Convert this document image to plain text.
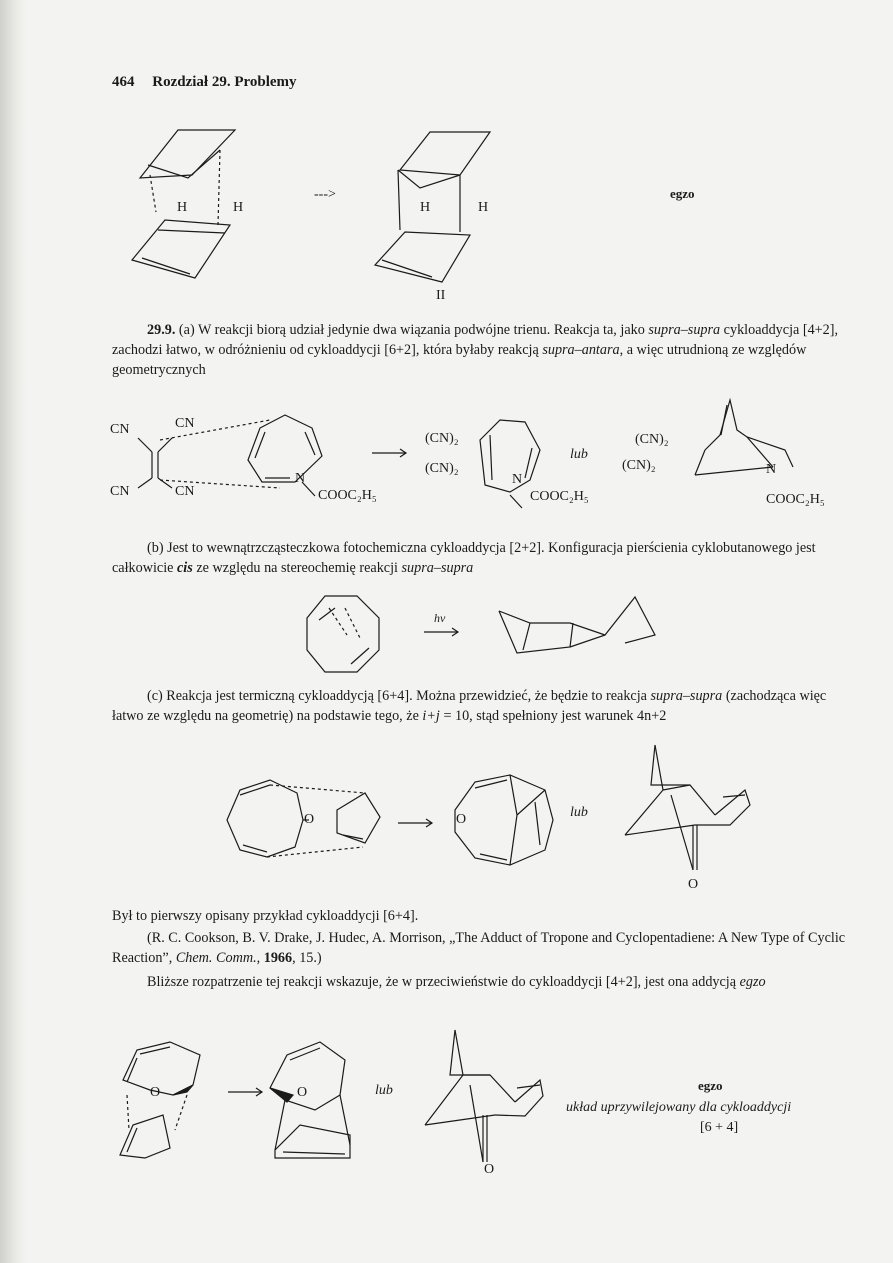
464 Rozdział 29. Problemy
H	H
--->
H	H
II
egzo
29.9. (a) W reakcji biorą udział jedynie dwa wiązania podwójne trienu. Reakcja ta, jako supra–supra cykloaddycja [4+2], zachodzi łatwo, w odróżnieniu od cykloaddycji [6+2], która byłaby reakcją supra–antara, a więc utrudnioną ze względów geometrycznych
CN	CN
CN	CN
N
COOC₂H₅
(CN)₂
(CN)₂
N
COOC₂H₅
lub
(CN)₂
(CN)₂	N
COOC₂H₅
(b) Jest to wewnątrzcząsteczkowa fotochemiczna cykloaddycja [2+2]. Konfiguracja pierścienia cyklobutanowego jest całkowicie cis ze względu na stereochemię reakcji supra–supra
hν
(c) Reakcja jest termiczną cykloaddycją [6+4]. Można przewidzieć, że będzie to reakcja supra–supra (zachodząca więc łatwo ze względu na geometrię) na podstawie tego, że i+j = 10, stąd spełniony jest warunek 4n+2
O	O	lub
O
Był to pierwszy opisany przykład cykloaddycji [6+4].
(R. C. Cookson, B. V. Drake, J. Hudec, A. Morrison, „The Adduct of Tropone and Cyclopentadiene: A New Type of Cyclic Reaction”, Chem. Comm., 1966, 15.)
Bliższe rozpatrzenie tej reakcji wskazuje, że w przeciwieństwie do cykloaddycji [4+2], jest ona addycją egzo
O	O	lub
O
egzo
układ uprzywilejowany dla cykloaddycji
[6 + 4]
